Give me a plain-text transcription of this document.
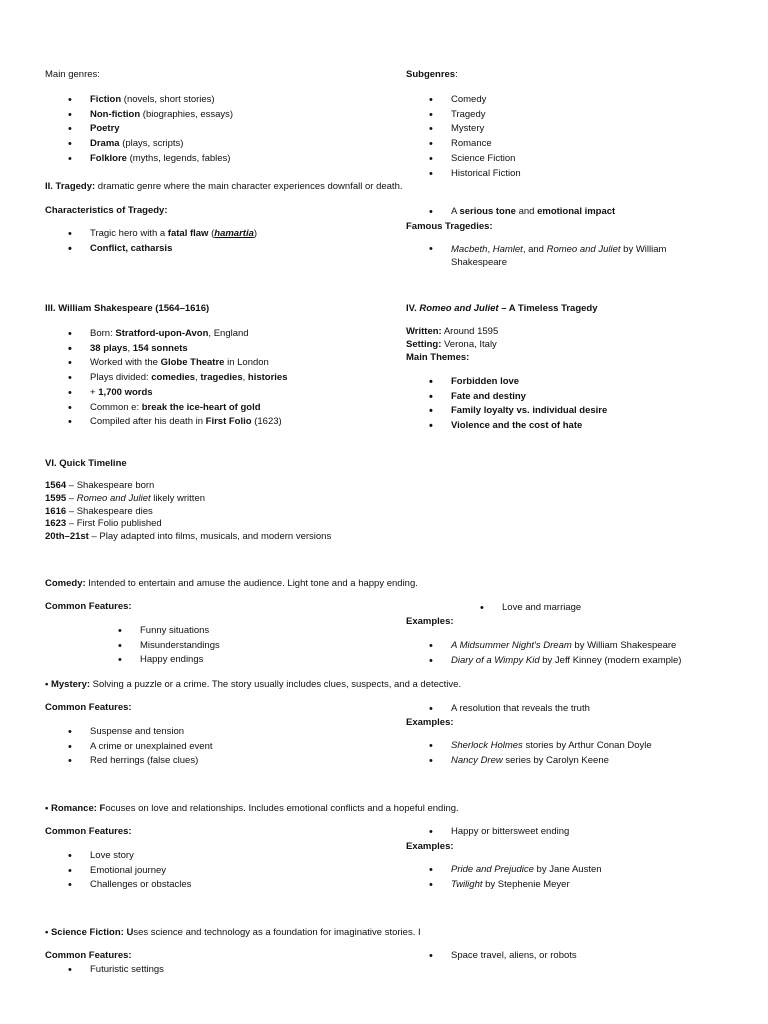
Main genres:

• Fiction (novels, short stories)
• Non-fiction (biographies, essays)
• Poetry
• Drama (plays, scripts)
• Folklore (myths, legends, fables)

Subgenres:

• Comedy
• Tragedy
• Mystery
• Romance
• Science Fiction
• Historical Fiction

II. Tragedy: dramatic genre where the main character experiences downfall or death.

Characteristics of Tragedy:

• Tragic hero with a fatal flaw (hamartia)
• Conflict, catharsis
• A serious tone and emotional impact

Famous Tragedies:

• Macbeth, Hamlet, and Romeo and Juliet by William Shakespeare

III. William Shakespeare (1564–1616)

• Born: Stratford-upon-Avon, England
• 38 plays, 154 sonnets
• Worked with the Globe Theatre in London
• Plays divided: comedies, tragedies, histories
• + 1,700 words
• Common e: break the ice-heart of gold
• Compiled after his death in First Folio (1623)

IV. Romeo and Juliet – A Timeless Tragedy

Written: Around 1595

Setting: Verona, Italy

Main Themes:

• Forbidden love
• Fate and destiny
• Family loyalty vs. individual desire
• Violence and the cost of hate

VI. Quick Timeline

1564 – Shakespeare born

1595 – Romeo and Juliet likely written

1616 – Shakespeare dies

1623 – First Folio published

20th–21st – Play adapted into films, musicals, and modern versions

Comedy: Intended to entertain and amuse the audience. Light tone and a happy ending.

Common Features:

• Funny situations
• Misunderstandings
• Happy endings
• Love and marriage

Examples:

• A Midsummer Night's Dream by William Shakespeare
• Diary of a Wimpy Kid by Jeff Kinney (modern example)

• Mystery: Solving a puzzle or a crime. The story usually includes clues, suspects, and a detective.

Common Features:

• Suspense and tension
• A crime or unexplained event
• Red herrings (false clues)
• A resolution that reveals the truth

Examples:

• Sherlock Holmes stories by Arthur Conan Doyle
• Nancy Drew series by Carolyn Keene

• Romance: Focuses on love and relationships. Includes emotional conflicts and a hopeful ending.

Common Features:

• Love story
• Emotional journey
• Challenges or obstacles
• Happy or bittersweet ending

Examples:

• Pride and Prejudice by Jane Austen
• Twilight by Stephenie Meyer

• Science Fiction: Uses science and technology as a foundation for imaginative stories. I

Common Features:

• Futuristic settings
• Space travel, aliens, or robots
